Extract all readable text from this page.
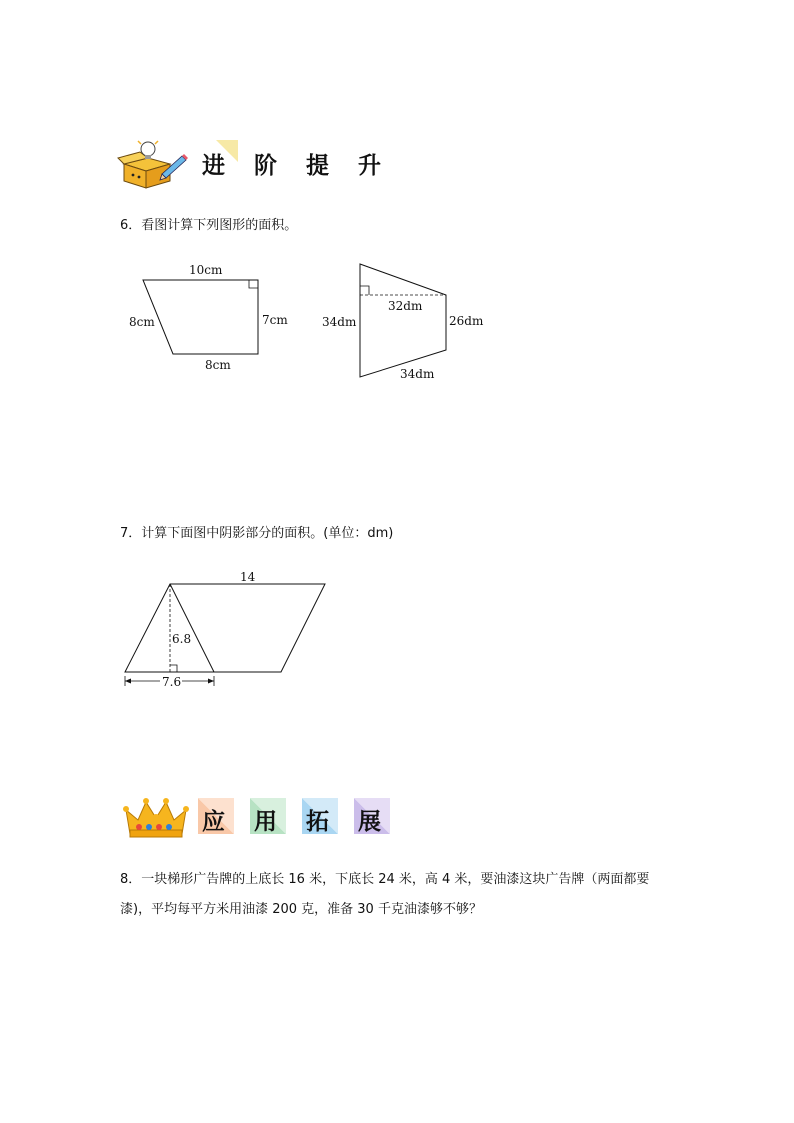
进 阶 提 升
6．看图计算下列图形的面积。
10cm
8cm	7cm
8cm
32dm
34dm	26dm
34dm
7．计算下面图中阴影部分的面积。(单位：dm)
14
6.8
7.6
应 用 拓 展
8．一块梯形广告牌的上底长 16 米，下底长 24 米，高 4 米，要油漆这块广告牌（两面都要
漆)，平均每平方米用油漆 200 克，准备 30 千克油漆够不够？
